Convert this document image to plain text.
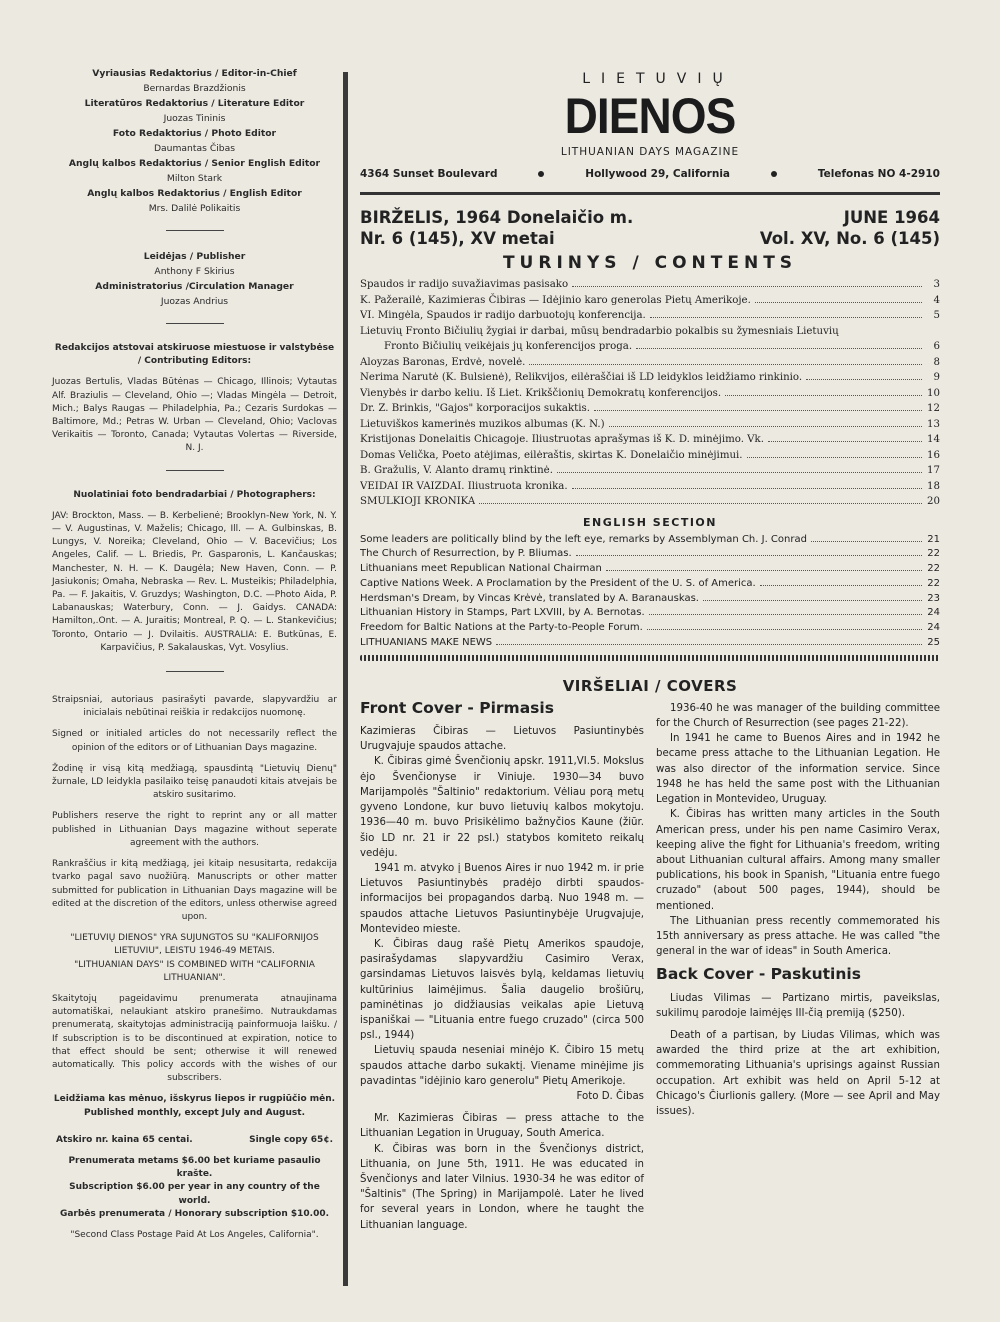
Vyriausias Redaktorius / Editor-in-Chief

Bernardas Brazdžionis

Literatūros Redaktorius / Literature Editor

Juozas Tininis

Foto Redaktorius / Photo Editor

Daumantas Čibas

Anglų kalbos Redaktorius / Senior English Editor

Milton Stark

Anglų kalbos Redaktorius / English Editor

Mrs. Dalilė Polikaitis

Leidėjas / Publisher

Anthony F Skirius

Administratorius /Circulation Manager

Juozas Andrius

Redakcijos atstovai atskiruose miestuose ir valstybėse / Contributing Editors:

Juozas Bertulis, Vladas Būtėnas — Chicago, Illinois; Vytautas Alf. Braziulis — Cleveland, Ohio —; Vladas Mingėla — Detroit, Mich.; Balys Raugas — Philadelphia, Pa.; Cezaris Surdokas — Baltimore, Md.; Petras W. Urban — Cleveland, Ohio; Vaclovas Verikaitis — Toronto, Canada; Vytautas Volertas — Riverside, N. J.

Nuolatiniai foto bendradarbiai / Photographers:

JAV: Brockton, Mass. — B. Kerbelienė; Brooklyn-New York, N. Y. — V. Augustinas, V. Maželis; Chicago, Ill. — A. Gulbinskas, B. Lungys, V. Noreika; Cleveland, Ohio — V. Bacevičius; Los Angeles, Calif. — L. Briedis, Pr. Gasparonis, L. Kančauskas; Manchester, N. H. — K. Daugėla; New Haven, Conn. — P. Jasiukonis; Omaha, Nebraska — Rev. L. Musteikis; Philadelphia, Pa. — F. Jakaitis, V. Gruzdys; Washington, D.C. —Photo Aida, P. Labanauskas; Waterbury, Conn. — J. Gaidys. CANADA: Hamilton,.Ont. — A. Juraitis; Montreal, P. Q. — L. Stankevičius; Toronto, Ontario — J. Dvilaitis. AUSTRALIA: E. Butkūnas, E. Karpavičius, P. Sakalauskas, Vyt. Vosylius.

Straipsniai, autoriaus pasirašyti pavarde, slapyvardžiu ar inicialais nebūtinai reiškia ir redakcijos nuomonę.

Signed or initialed articles do not necessarily reflect the opinion of the editors or of Lithuanian Days magazine.

Žodinę ir visą kitą medžiagą, spausdintą "Lietuvių Dienų" žurnale, LD leidykla pasilaiko teisę panaudoti kitais atvejais be atskiro susitarimo.

Publishers reserve the right to reprint any or all matter published in Lithuanian Days magazine without seperate agreement with the authors.

Rankraščius ir kitą medžiagą, jei kitaip nesusitarta, redakcija tvarko pagal savo nuožiūrą. Manuscripts or other matter submitted for publication in Lithuanian Days magazine will be edited at the discretion of the editors, unless otherwise agreed upon.

"LIETUVIŲ DIENOS" YRA SUJUNGTOS SU "KALIFORNIJOS LIETUVIU", LEISTU 1946-49 METAIS.

"LITHUANIAN DAYS" IS COMBINED WITH "CALIFORNIA LITHUANIAN".

Skaitytojų pageidavimu prenumerata atnaujinama automatiškai, nelaukiant atskiro pranešimo. Nutraukdamas prenumeratą, skaitytojas administraciją painformuoja laišku. / If subscription is to be discontinued at expiration, notice to that effect should be sent; otherwise it will renewed automatically. This policy accords with the wishes of our subscribers.

Leidžiama kas mėnuo, išskyrus liepos ir rugpiūčio mėn.

Published monthly, except July and August.

Atskiro nr. kaina 65 centai.	Single copy 65¢.

Prenumerata metams $6.00 bet kuriame pasaulio krašte.

Subscription $6.00 per year in any country of the world.

Garbės prenumerata / Honorary subscription $10.00.

"Second Class Postage Paid At Los Angeles, California".

LIETUVIŲ
DIENOS
LITHUANIAN DAYS MAGAZINE
4364 Sunset Boulevard	Hollywood 29, California	Telefonas NO 4-2910
BIRŽELIS, 1964 Donelaičio m.
Nr. 6 (145), XV metai
JUNE 1964
Vol. XV, No. 6 (145)
TURINYS / CONTENTS
Spaudos ir radijo suvažiavimas pasisako	3
K. Pažerailė, Kazimieras Čibiras — Idėjinio karo generolas Pietų Amerikoje.	4
VI. Mingėla, Spaudos ir radijo darbuotojų konferencija.	5
Lietuvių Fronto Bičiulių žygiai ir darbai, mūsų bendradarbio pokalbis su žymesniais Lietuvių
Fronto Bičiulių veikėjais jų konferencijos proga.	6
Aloyzas Baronas, Erdvė, novelė.	8
Nerima Narutė (K. Bulsienė), Relikvijos, eilėraščiai iš LD leidyklos leidžiamo rinkinio.	9
Vienybės ir darbo keliu. Iš Liet. Krikščionių Demokratų konferencijos.	10
Dr. Z. Brinkis, "Gajos" korporacijos sukaktis.	12
Lietuviškos kamerinės muzikos albumas (K. N.)	13
Kristijonas Donelaitis Chicagoje. Iliustruotas aprašymas iš K. D. minėjimo. Vk.	14
Domas Velička, Poeto atėjimas, eilėraštis, skirtas K. Donelaičio minėjimui.	16
B. Gražulis, V. Alanto dramų rinktinė.	17
VEIDAI IR VAIZDAI. Iliustruota kronika.	18
SMULKIOJI KRONIKA	20
ENGLISH SECTION
Some leaders are politically blind by the left eye, remarks by Assemblyman Ch. J. Conrad	21
The Church of Resurrection, by P. Bliumas.	22
Lithuanians meet Republican National Chairman	22
Captive Nations Week. A Proclamation by the President of the U. S. of America.	22
Herdsman's Dream, by Vincas Krėvė, translated by A. Baranauskas.	23
Lithuanian History in Stamps, Part LXVIII, by A. Bernotas.	24
Freedom for Baltic Nations at the Party-to-People Forum.	24
LITHUANIANS MAKE NEWS	25
VIRŠELIAI / COVERS
Front Cover - Pirmasis

Kazimieras Čibiras — Lietuvos Pasiuntinybės Urugvajuje spaudos attache.

K. Čibiras gimė Švenčionių apskr. 1911,VI.5. Mokslus ėjo Švenčionyse ir Viniuje. 1930—34 buvo Marijampolės "Šaltinio" redaktorium. Vėliau porą metų gyveno Londone, kur buvo lietuvių kalbos mokytoju. 1936—40 m. buvo Prisikėlimo bažnyčios Kaune (žiūr. šio LD nr. 21 ir 22 psl.) statybos komiteto reikalų vedėju.

1941 m. atvyko į Buenos Aires ir nuo 1942 m. ir prie Lietuvos Pasiuntinybės pradėjo dirbti spaudos-informacijos bei propagandos darbą. Nuo 1948 m. — spaudos attache Lietuvos Pasiuntinybėje Urugvajuje, Montevideo mieste.

K. Čibiras daug rašė Pietų Amerikos spaudoje, pasirašydamas slapyvardžiu Casimiro Verax, garsindamas Lietuvos laisvės bylą, keldamas lietuvių kultūrinius laimėjimus. Šalia daugelio brošiūrų, paminėtinas jo didžiausias veikalas apie Lietuvą ispaniškai — "Lituania entre fuego cruzado" (circa 500 psl., 1944)

Lietuvių spauda neseniai minėjo K. Čibiro 15 metų spaudos attache darbo sukaktį. Viename minėjime jis pavadintas "idėjinio karo generolu" Pietų Amerikoje.

Foto D. Čibas

Mr. Kazimieras Čibiras — press attache to the Lithuanian Legation in Uruguay, South America.

K. Čibiras was born in the Švenčionys district, Lithuania, on June 5th, 1911. He was educated in Švenčionys and later Vilnius. 1930-34 he was editor of "Šaltinis" (The Spring) in Marijampolė. Later he lived for several years in London, where he taught the Lithuanian language.

1936-40 he was manager of the building committee for the Church of Resurrection (see pages 21-22).

In 1941 he came to Buenos Aires and in 1942 he became press attache to the Lithuanian Legation. He was also director of the information service. Since 1948 he has held the same post with the Lithuanian Legation in Montevideo, Uruguay.

K. Čibiras has written many articles in the South American press, under his pen name Casimiro Verax, keeping alive the fight for Lithuania's freedom, writing about Lithuanian cultural affairs. Among many smaller publications, his book in Spanish, "Lituania entre fuego cruzado" (about 500 pages, 1944), should be mentioned.

The Lithuanian press recently commemorated his 15th anniversary as press attache. He was called "the general in the war of ideas" in South America.

Back Cover - Paskutinis

Liudas Vilimas — Partizano mirtis, paveikslas, sukilimų parodoje laimėjęs III-čią premiją ($250).

Death of a partisan, by Liudas Vilimas, which was awarded the third prize at the art exhibition, commemorating Lithuania's uprisings against Russian occupation. Art exhibit was held on April 5-12 at Chicago's Čiurlionis gallery. (More — see April and May issues).
